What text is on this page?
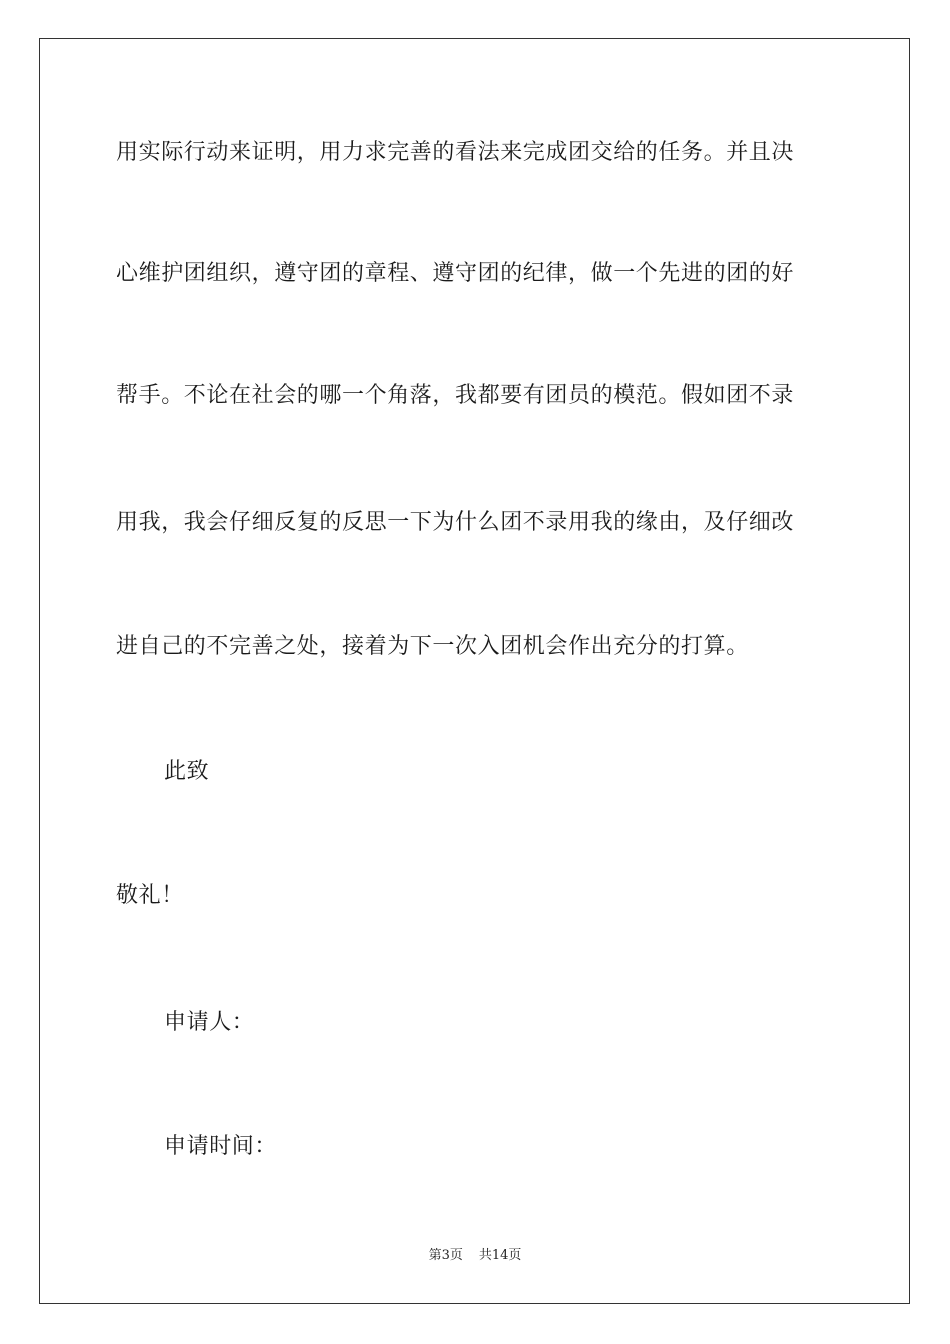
用实际行动来证明，用力求完善的看法来完成团交给的任务。并且决
心维护团组织，遵守团的章程、遵守团的纪律，做一个先进的团的好
帮手。不论在社会的哪一个角落，我都要有团员的模范。假如团不录
用我，我会仔细反复的反思一下为什么团不录用我的缘由，及仔细改
进自己的不完善之处，接着为下一次入团机会作出充分的打算。
此致
敬礼！
申请人：
申请时间：
第3页 共14页
